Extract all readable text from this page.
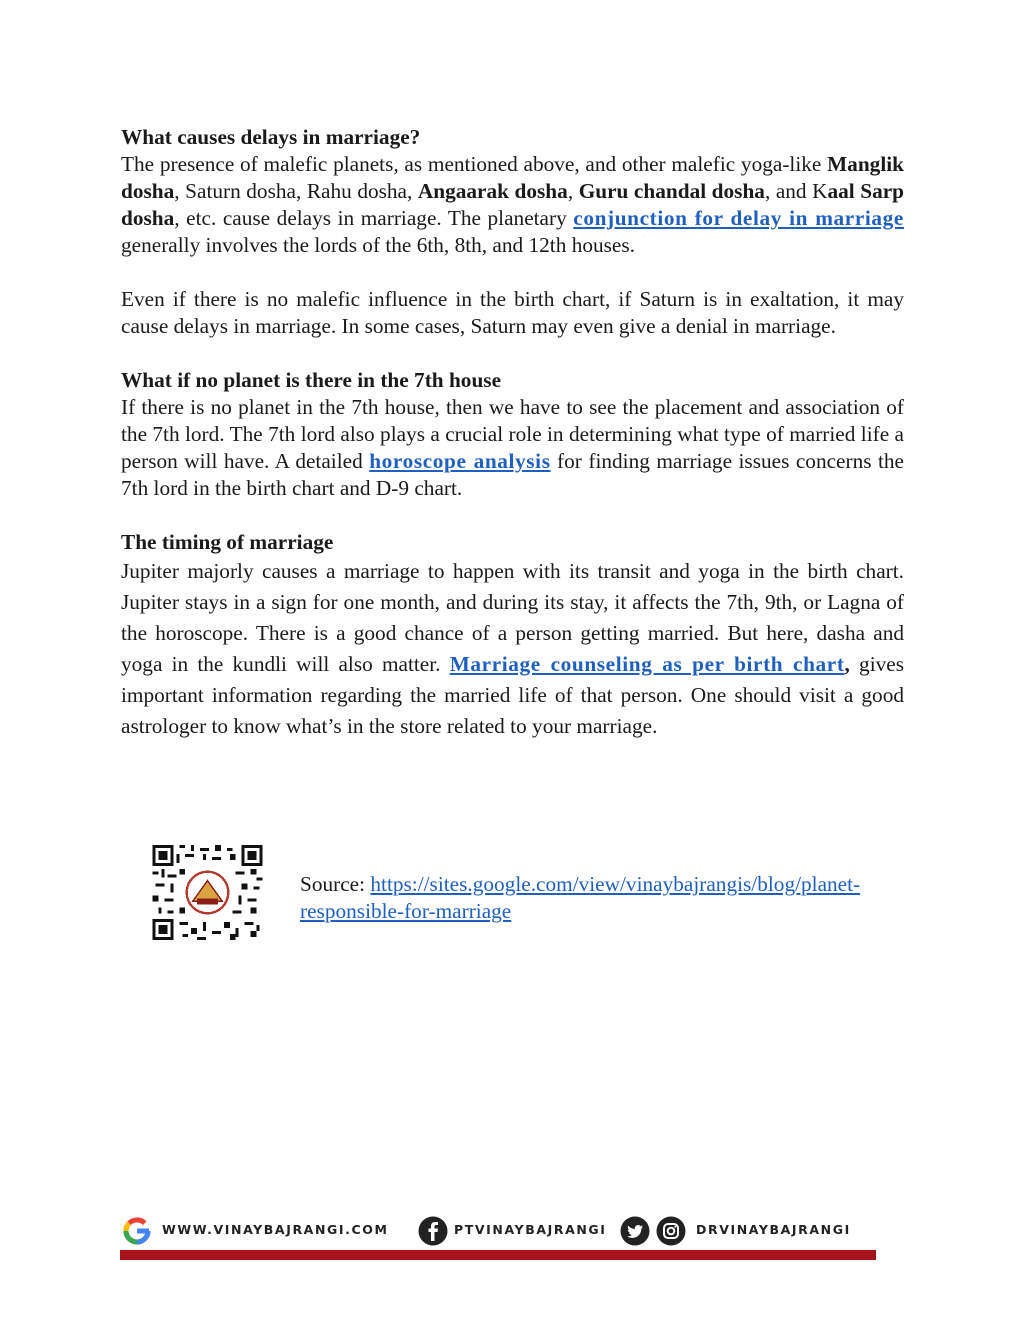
What causes delays in marriage?

The presence of malefic planets, as mentioned above, and other malefic yoga-like Manglik dosha, Saturn dosha, Rahu dosha, Angaarak dosha, Guru chandal dosha, and Kaal Sarp dosha, etc. cause delays in marriage. The planetary conjunction for delay in marriage generally involves the lords of the 6th, 8th, and 12th houses.

Even if there is no malefic influence in the birth chart, if Saturn is in exaltation, it may cause delays in marriage. In some cases, Saturn may even give a denial in marriage.

What if no planet is there in the 7th house

If there is no planet in the 7th house, then we have to see the placement and association of the 7th lord. The 7th lord also plays a crucial role in determining what type of married life a person will have. A detailed horoscope analysis for finding marriage issues concerns the 7th lord in the birth chart and D-9 chart.

The timing of marriage

Jupiter majorly causes a marriage to happen with its transit and yoga in the birth chart. Jupiter stays in a sign for one month, and during its stay, it affects the 7th, 9th, or Lagna of the horoscope. There is a good chance of a person getting married. But here, dasha and yoga in the kundli will also matter. Marriage counseling as per birth chart, gives important information regarding the married life of that person. One should visit a good astrologer to know what’s in the store related to your marriage.

Source: https://sites.google.com/view/vinaybajrangis/blog/planet-responsible-for-marriage
WWW.VINAYBAJRANGI.COM	PTVINAYBAJRANGI	DRVINAYBAJRANGI
